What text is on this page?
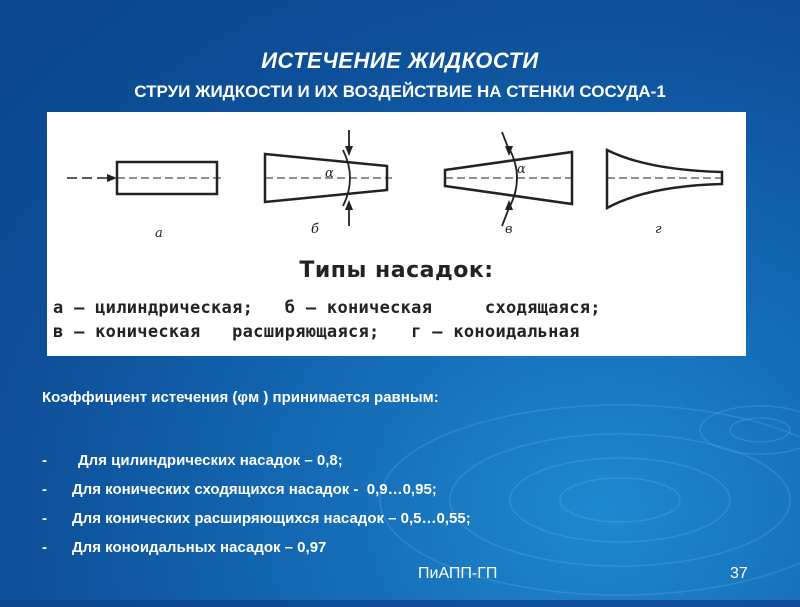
ИСТЕЧЕНИЕ ЖИДКОСТИ
СТРУИ ЖИДКОСТИ И ИХ ВОЗДЕЙСТВИЕ НА СТЕНКИ СОСУДА-1
а	б	в	г
α	α
Типы насадок:
а — цилиндрическая;   б — коническая     сходящаяся;
в — коническая   расширяющаяся;   г — коноидальная
Коэффициент истечения (φм ) принимается равным:

-

	Для цилиндрических насадок – 0,8;

-

	Для конических сходящихся насадок -  0,9…0,95;

-

	Для конических расширяющихся насадок – 0,5…0,55;

-

	Для коноидальных насадок – 0,97

ПиАПП-ГП	37
